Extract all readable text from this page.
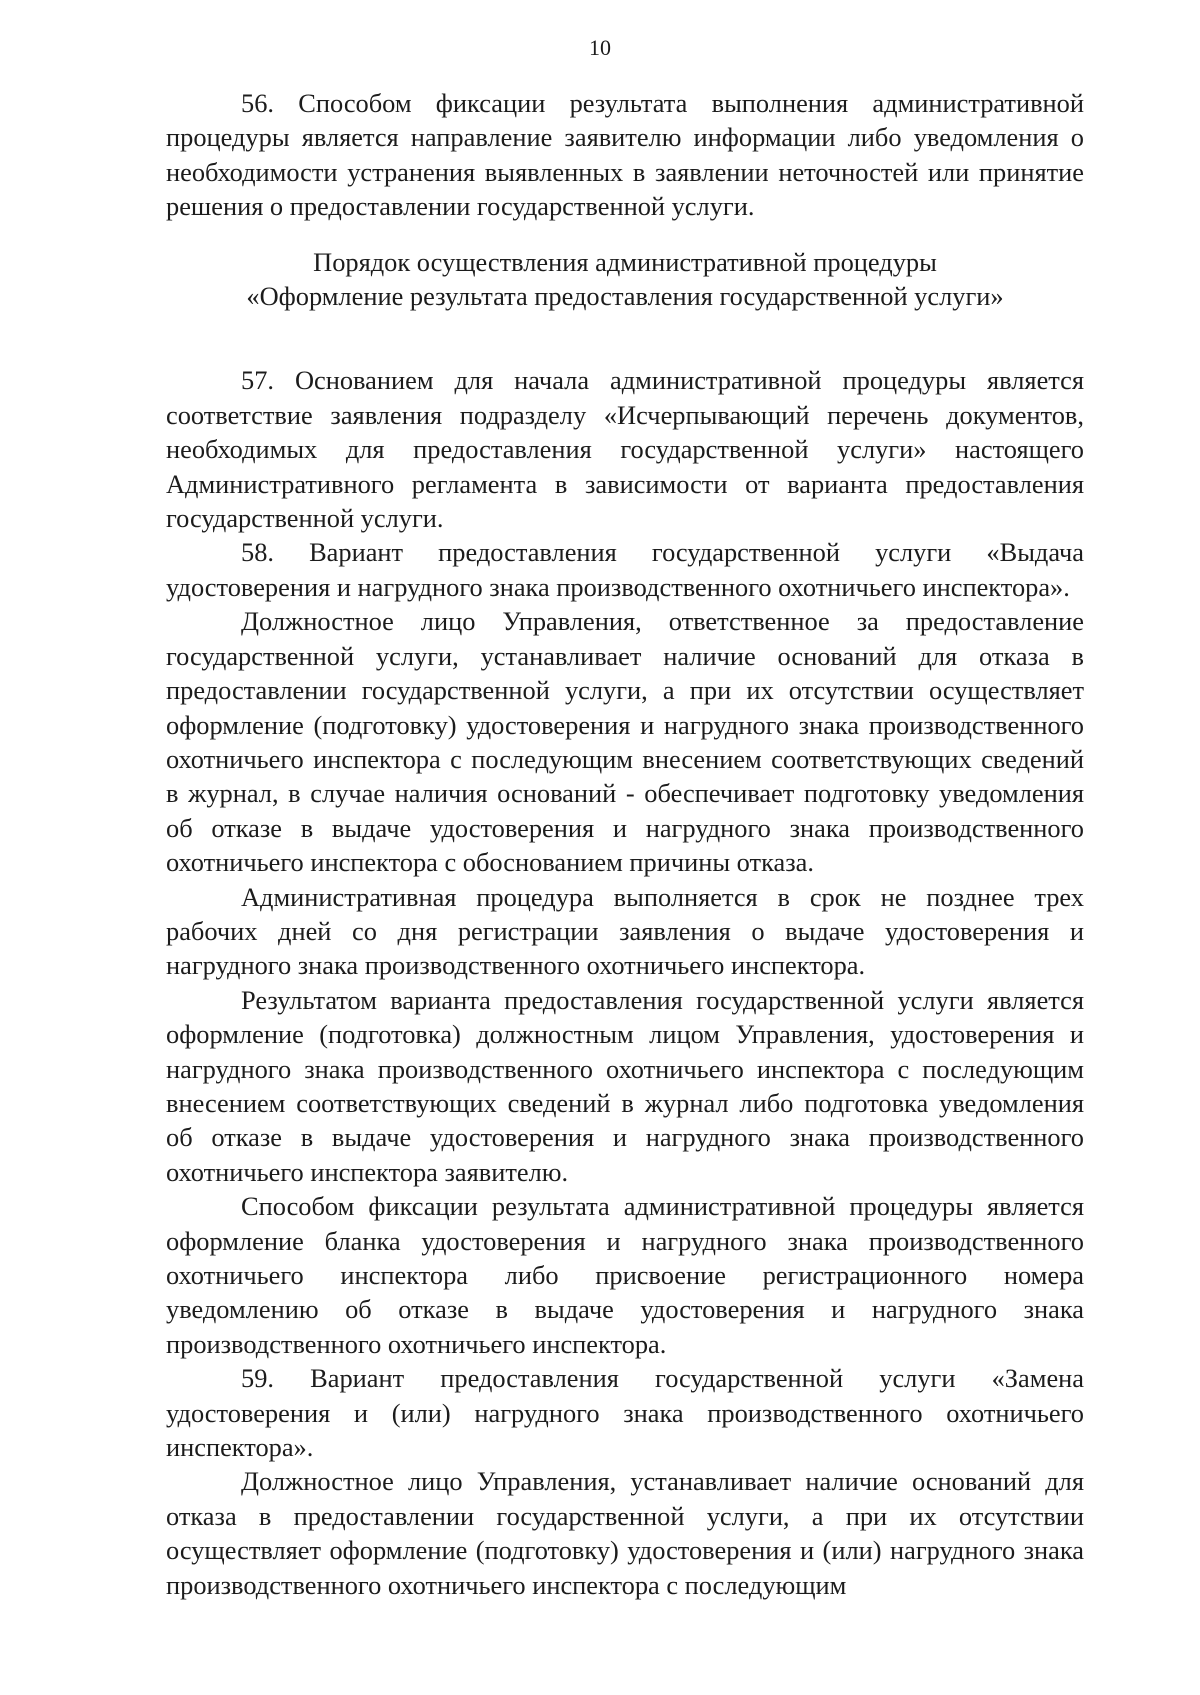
10

56. Способом фиксации результата выполнения административной процедуры является направление заявителю информации либо уведомления о необходимости устранения выявленных в заявлении неточностей или принятие решения о предоставлении государственной услуги.

Порядок осуществления административной процедуры
«Оформление результата предоставления государственной услуги»

57. Основанием для начала административной процедуры является соответствие заявления подразделу «Исчерпывающий перечень документов, необходимых для предоставления государственной услуги» настоящего Административного регламента в зависимости от варианта предоставления государственной услуги.

58. Вариант предоставления государственной услуги «Выдача удостоверения и нагрудного знака производственного охотничьего инспектора».

Должностное лицо Управления, ответственное за предоставление государственной услуги, устанавливает наличие оснований для отказа в предоставлении государственной услуги, а при их отсутствии осуществляет оформление (подготовку) удостоверения и нагрудного знака производственного охотничьего инспектора с последующим внесением соответствующих сведений в журнал, в случае наличия оснований - обеспечивает подготовку уведомления об отказе в выдаче удостоверения и нагрудного знака производственного охотничьего инспектора с обоснованием причины отказа.

Административная процедура выполняется в срок не позднее трех рабочих дней со дня регистрации заявления о выдаче удостоверения и нагрудного знака производственного охотничьего инспектора.

Результатом варианта предоставления государственной услуги является оформление (подготовка) должностным лицом Управления, удостоверения и нагрудного знака производственного охотничьего инспектора с последующим внесением соответствующих сведений в журнал либо подготовка уведомления об отказе в выдаче удостоверения и нагрудного знака производственного охотничьего инспектора заявителю.

Способом фиксации результата административной процедуры является оформление бланка удостоверения и нагрудного знака производственного охотничьего инспектора либо присвоение регистрационного номера уведомлению об отказе в выдаче удостоверения и нагрудного знака производственного охотничьего инспектора.

59. Вариант предоставления государственной услуги «Замена удостоверения и (или) нагрудного знака производственного охотничьего инспектора».

Должностное лицо Управления, устанавливает наличие оснований для отказа в предоставлении государственной услуги, а при их отсутствии осуществляет оформление (подготовку) удостоверения и (или) нагрудного знака производственного охотничьего инспектора с последующим
